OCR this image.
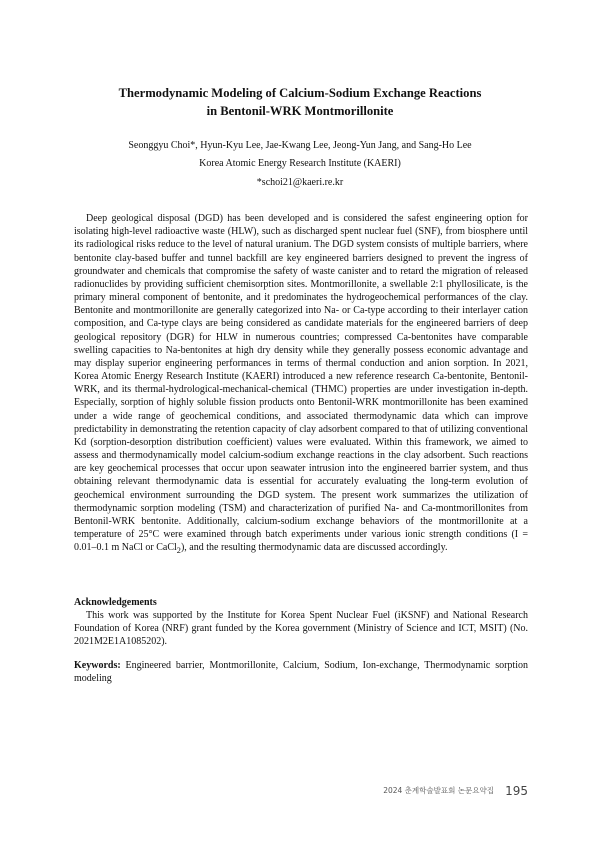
Thermodynamic Modeling of Calcium-Sodium Exchange Reactions
in Bentonil-WRK Montmorillonite
Seonggyu Choi*, Hyun-Kyu Lee, Jae-Kwang Lee, Jeong-Yun Jang, and Sang-Ho Lee
Korea Atomic Energy Research Institute (KAERI)
*schoi21@kaeri.re.kr

Deep geological disposal (DGD) has been developed and is considered the safest engineering option for isolating high-level radioactive waste (HLW), such as discharged spent nuclear fuel (SNF), from biosphere until its radiological risks reduce to the level of natural uranium. The DGD system consists of multiple barriers, where bentonite clay-based buffer and tunnel backfill are key engineered barriers designed to prevent the ingress of groundwater and chemicals that compromise the safety of waste canister and to retard the migration of released radionuclides by providing sufficient chemisorption sites. Montmorillonite, a swellable 2:1 phyllosilicate, is the primary mineral component of bentonite, and it predominates the hydrogeochemical performances of the clay. Bentonite and montmorillonite are generally categorized into Na- or Ca-type according to their interlayer cation composition, and Ca-type clays are being considered as candidate materials for the engineered barriers of deep geological repository (DGR) for HLW in numerous countries; compressed Ca-bentonites have comparable swelling capacities to Na-bentonites at high dry density while they generally possess economic advantage and may display superior engineering performances in terms of thermal conduction and anion sorption. In 2021, Korea Atomic Energy Research Institute (KAERI) introduced a new reference research Ca-bentonite, Bentonil-WRK, and its thermal-hydrological-mechanical-chemical (THMC) properties are under investigation in-depth. Especially, sorption of highly soluble fission products onto Bentonil-WRK montmorillonite has been examined under a wide range of geochemical conditions, and associated thermodynamic data which can improve predictability in demonstrating the retention capacity of clay adsorbent compared to that of utilizing conventional Kd (sorption-desorption distribution coefficient) values were evaluated. Within this framework, we aimed to assess and thermodynamically model calcium-sodium exchange reactions in the clay adsorbent. Such reactions are key geochemical processes that occur upon seawater intrusion into the engineered barrier system, and thus obtaining relevant thermodynamic data is essential for accurately evaluating the long-term evolution of geochemical environment surrounding the DGD system. The present work summarizes the utilization of thermodynamic sorption modeling (TSM) and characterization of purified Na- and Ca-montmorillonites from Bentonil-WRK bentonite. Additionally, calcium-sodium exchange behaviors of the montmorillonite at a temperature of 25°C were examined through batch experiments under various ionic strength conditions (I = 0.01–0.1 m NaCl or CaCl$_2$), and the resulting thermodynamic data are discussed accordingly.

Acknowledgements

This work was supported by the Institute for Korea Spent Nuclear Fuel (iKSNF) and National Research Foundation of Korea (NRF) grant funded by the Korea government (Ministry of Science and ICT, MSIT) (No. 2021M2E1A1085202).

Keywords: Engineered barrier, Montmorillonite, Calcium, Sodium, Ion-exchange, Thermodynamic sorption modeling

2024 춘계학술발표회 논문요약집 195
